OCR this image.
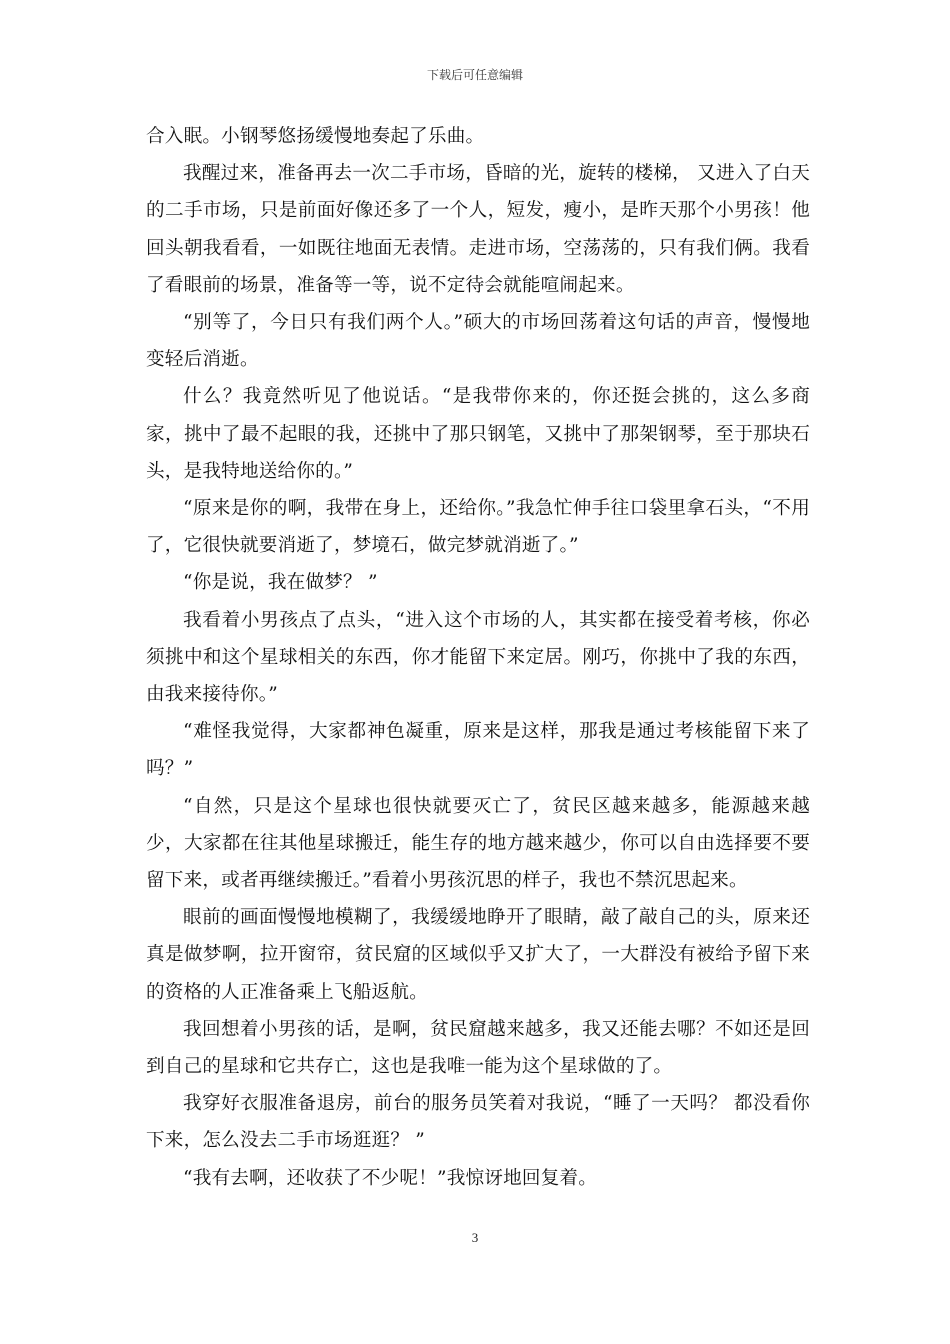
下载后可任意编辑

合入眠。小钢琴悠扬缓慢地奏起了乐曲。

我醒过来，准备再去一次二手市场，昏暗的光，旋转的楼梯， 又进入了白天的二手市场，只是前面好像还多了一个人，短发，瘦小，是昨天那个小男孩！他回头朝我看看，一如既往地面无表情。走进市场，空荡荡的，只有我们俩。我看了看眼前的场景，准备等一等，说不定待会就能喧闹起来。

“别等了，今日只有我们两个人。”硕大的市场回荡着这句话的声音，慢慢地变轻后消逝。

什么？我竟然听见了他说话。“是我带你来的，你还挺会挑的，这么多商家，挑中了最不起眼的我，还挑中了那只钢笔，又挑中了那架钢琴，至于那块石头，是我特地送给你的。”

“原来是你的啊，我带在身上，还给你。”我急忙伸手往口袋里拿石头，“不用了，它很快就要消逝了，梦境石，做完梦就消逝了。”

“你是说，我在做梦？ ”

我看着小男孩点了点头，“进入这个市场的人，其实都在接受着考核，你必须挑中和这个星球相关的东西，你才能留下来定居。刚巧，你挑中了我的东西，由我来接待你。”

“难怪我觉得，大家都神色凝重，原来是这样，那我是通过考核能留下来了吗？”

“自然，只是这个星球也很快就要灭亡了，贫民区越来越多，能源越来越少，大家都在往其他星球搬迁，能生存的地方越来越少，你可以自由选择要不要留下来，或者再继续搬迁。”看着小男孩沉思的样子，我也不禁沉思起来。

眼前的画面慢慢地模糊了，我缓缓地睁开了眼睛，敲了敲自己的头，原来还真是做梦啊，拉开窗帘，贫民窟的区域似乎又扩大了，一大群没有被给予留下来的资格的人正准备乘上飞船返航。

我回想着小男孩的话，是啊，贫民窟越来越多，我又还能去哪？不如还是回到自己的星球和它共存亡，这也是我唯一能为这个星球做的了。

我穿好衣服准备退房，前台的服务员笑着对我说，“睡了一天吗？ 都没看你下来，怎么没去二手市场逛逛？ ”

“我有去啊，还收获了不少呢！”我惊讶地回复着。

3
